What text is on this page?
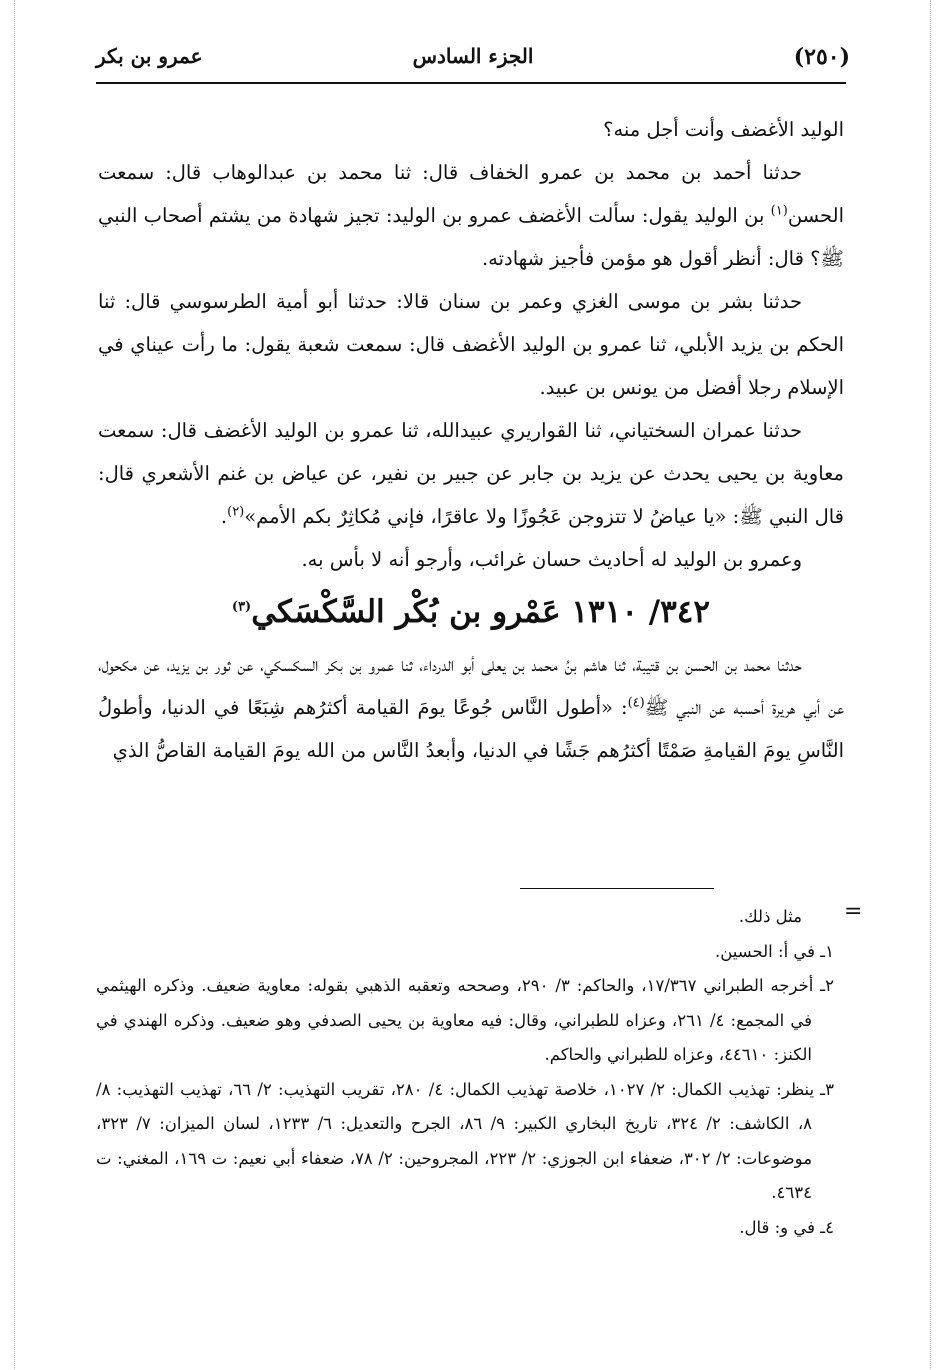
(٢٥٠)
الجزء السادس
عمرو بن بكر

الوليد الأغضف وأنت أجل منه؟

حدثنا أحمد بن محمد بن عمرو الخفاف قال: ثنا محمد بن عبدالوهاب قال: سمعت الحسن$^{(١)}$ بن الوليد يقول: سألت الأغضف عمرو بن الوليد: تجيز شهادة من يشتم أصحاب النبي ﷺ؟ قال: أنظر أقول هو مؤمن فأجيز شهادته.

حدثنا بشر بن موسى الغزي وعمر بن سنان قالا: حدثنا أبو أمية الطرسوسي قال: ثنا الحكم بن يزيد الأبلي، ثنا عمرو بن الوليد الأغضف قال: سمعت شعبة يقول: ما رأت عيناي في الإسلام رجلا أفضل من يونس بن عبيد.

حدثنا عمران السختياني، ثنا القواريري عبيدالله، ثنا عمرو بن الوليد الأغضف قال: سمعت معاوية بن يحيى يحدث عن يزيد بن جابر عن جبير بن نفير، عن عياض بن غنم الأشعري قال: قال النبي ﷺ: «يا عياضُ لا تتزوجن عَجُوزًا ولا عاقرًا، فإني مُكاثِرٌ بكم الأمم»$^{(٢)}$.

وعمرو بن الوليد له أحاديث حسان غرائب، وأرجو أنه لا بأس به.

٣٤٢/ ١٣١٠ عَمْرو بن بُكْر السَّكْسَكي$^{(٣)}$

حدثنا محمد بن الحسن بن قتيبة، ثنا هاشم بنُ محمد بن يعلى أبو الدرداء، ثنا عمرو بن بكر السكسكي، عن ثور بن يزيد، عن مكحول، عن أبي هريرة أحسبه عن النبي ﷺ$^{(٤)}$: «أطول النَّاس جُوعًا يومَ القيامة أكثرُهم شِبَعًا في الدنيا، وأطولُ النَّاسِ يومَ القيامةِ صَمْتًا أكثرُهم جَشًا في الدنيا، وأبعدُ النَّاس من الله يومَ القيامة القاصُّ الذي

=

مثل ذلك.

١ـ في أ: الحسين.

٢ـ أخرجه الطبراني ١٧/٣٦٧، والحاكم: ٣/ ٢٩٠، وصححه وتعقبه الذهبي بقوله: معاوية ضعيف. وذكره الهيثمي في المجمع: ٤/ ٢٦١، وعزاه للطبراني، وقال: فيه معاوية بن يحيى الصدفي وهو ضعيف. وذكره الهندي في الكنز: ٤٤٦١٠، وعزاه للطبراني والحاكم.

٣ـ ينظر: تهذيب الكمال: ٢/ ١٠٢٧، خلاصة تهذيب الكمال: ٤/ ٢٨٠، تقريب التهذيب: ٢/ ٦٦، تهذيب التهذيب: ٨/ ٨، الكاشف: ٢/ ٣٢٤، تاريخ البخاري الكبير: ٩/ ٨٦، الجرح والتعديل: ٦/ ١٢٣٣، لسان الميزان: ٧/ ٣٢٣، موضوعات: ٢/ ٣٠٢، ضعفاء ابن الجوزي: ٢/ ٢٢٣، المجروحين: ٢/ ٧٨، ضعفاء أبي نعيم: ت ١٦٩، المغني: ت ٤٦٣٤.

٤ـ في و: قال.
